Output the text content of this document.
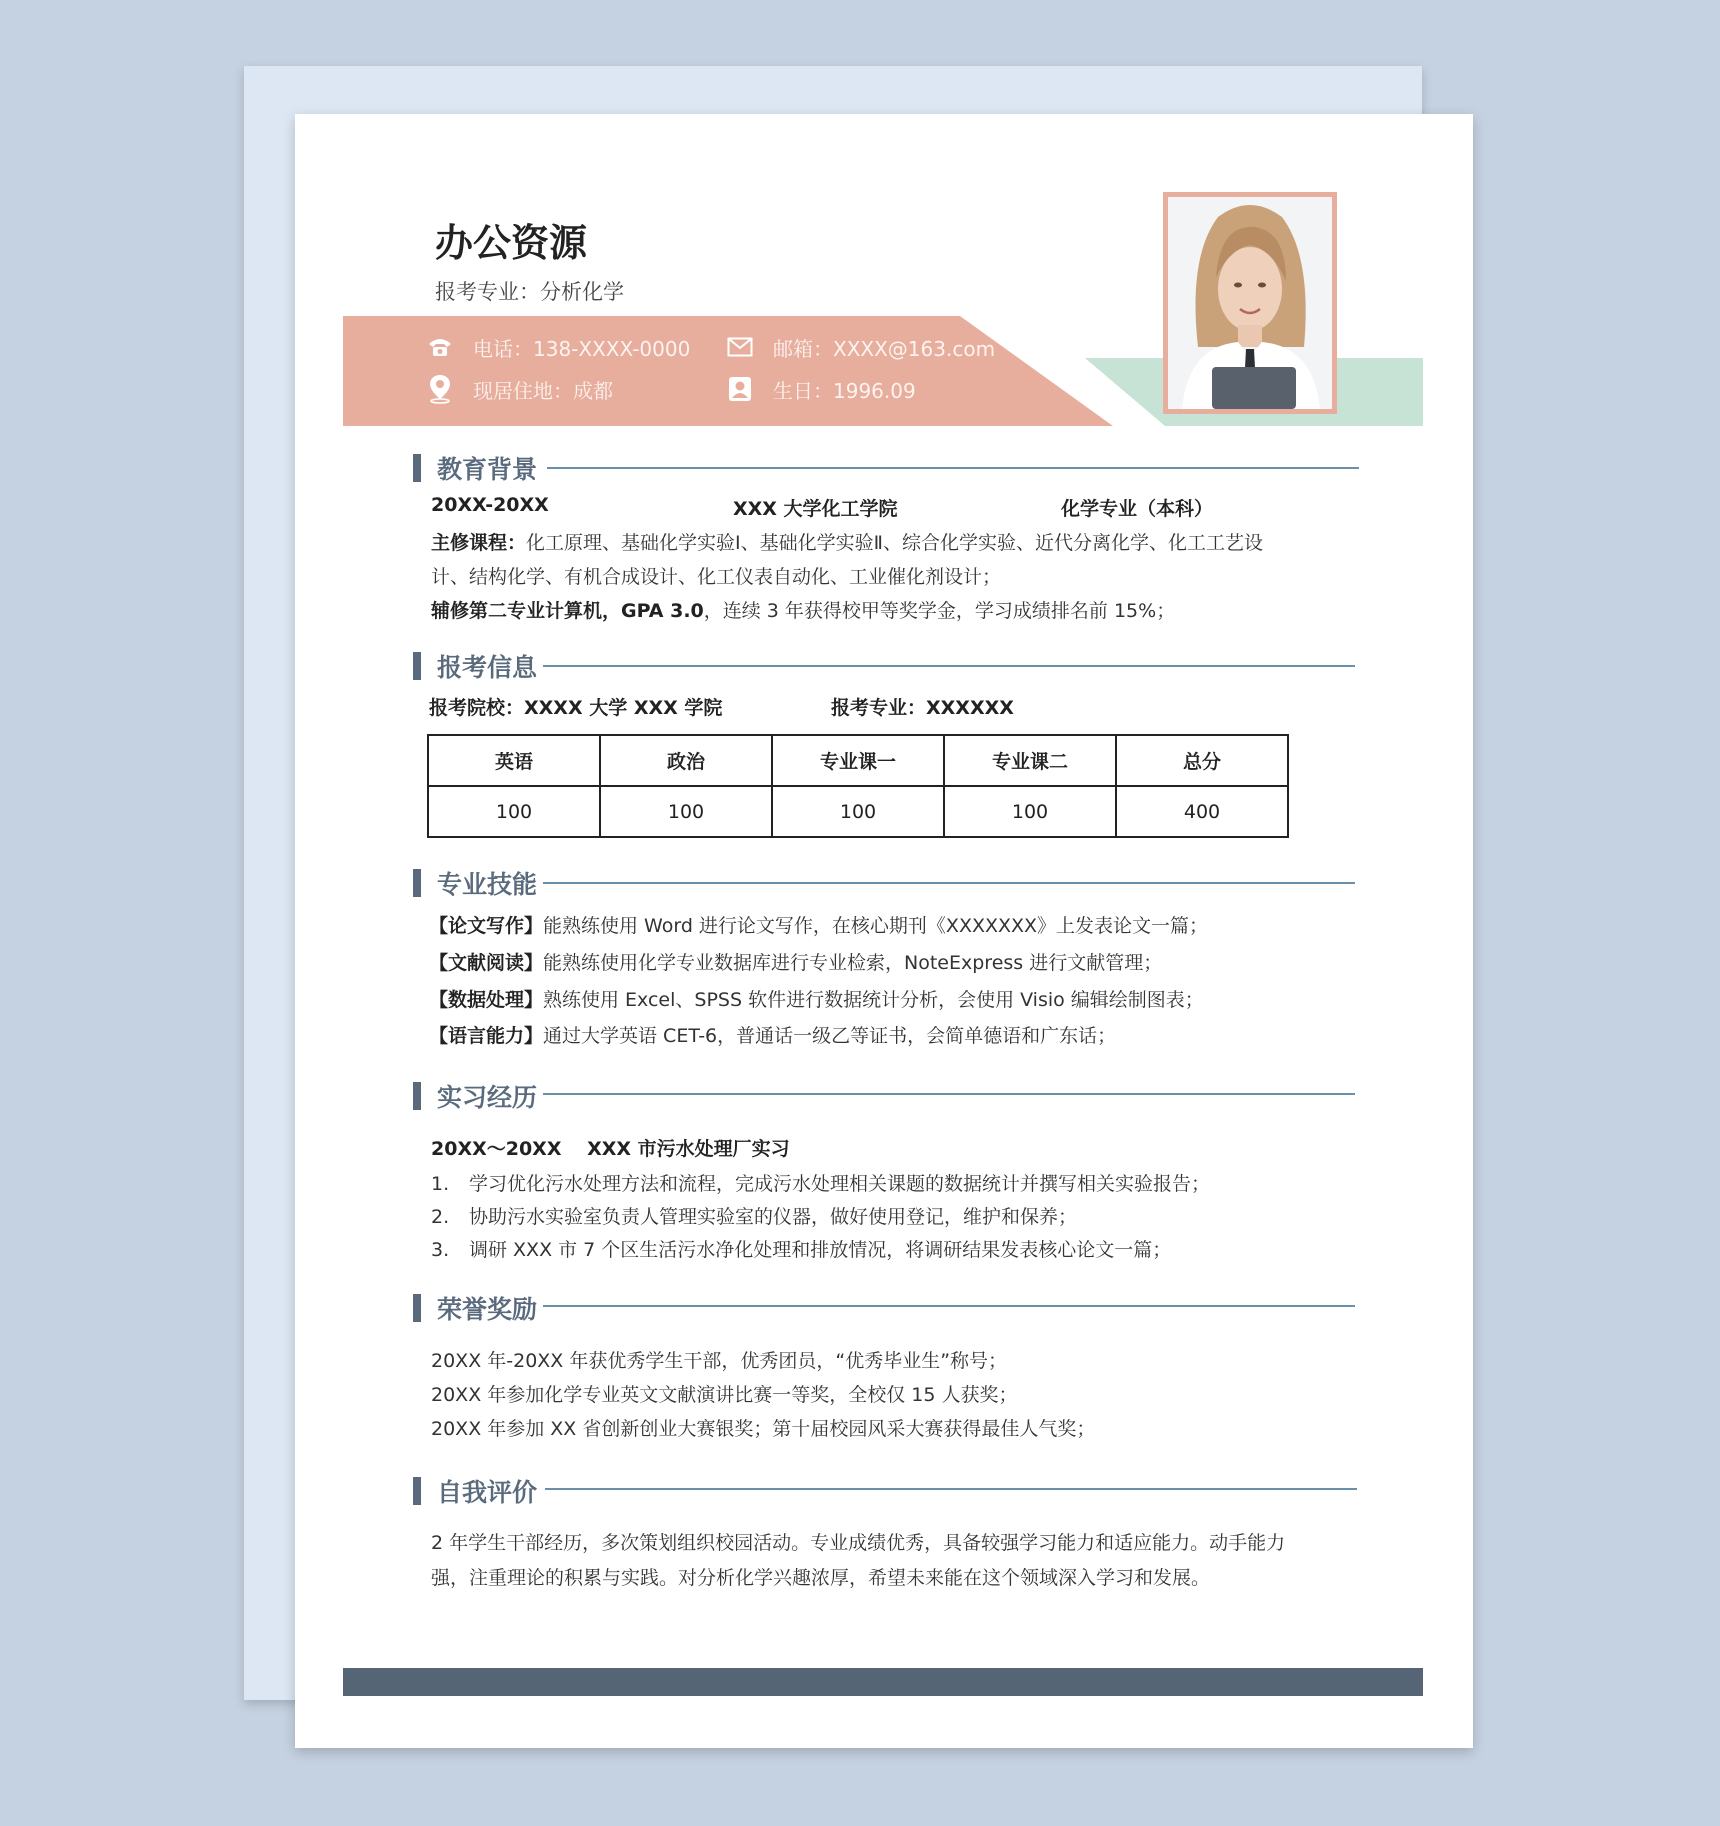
办公资源
报考专业：分析化学
电话：138-XXXX-0000	邮箱：XXXX@163.com
现居住地：成都	生日：1996.09
教育背景
20XX-20XX	XXX 大学化工学院	化学专业（本科）
主修课程：化工原理、基础化学实验Ⅰ、基础化学实验Ⅱ、综合化学实验、近代分离化学、化工工艺设
计、结构化学、有机合成设计、化工仪表自动化、工业催化剂设计；
辅修第二专业计算机，GPA 3.0，连续 3 年获得校甲等奖学金，学习成绩排名前 15%；
报考信息
报考院校：XXXX 大学 XXX 学院	报考专业：XXXXXX
英语	政治	专业课一	专业课二	总分
100	100	100	100	400
专业技能
【论文写作】能熟练使用 Word 进行论文写作，在核心期刊《XXXXXXX》上发表论文一篇；
【文献阅读】能熟练使用化学专业数据库进行专业检索，NoteExpress 进行文献管理；
【数据处理】熟练使用 Excel、SPSS 软件进行数据统计分析，会使用 Visio 编辑绘制图表；
【语言能力】通过大学英语 CET-6，普通话一级乙等证书，会简单德语和广东话；
实习经历
20XX～20XX　 XXX 市污水处理厂实习
1. 学习优化污水处理方法和流程，完成污水处理相关课题的数据统计并撰写相关实验报告；
2. 协助污水实验室负责人管理实验室的仪器，做好使用登记，维护和保养；
3. 调研 XXX 市 7 个区生活污水净化处理和排放情况，将调研结果发表核心论文一篇；
荣誉奖励
20XX 年-20XX 年获优秀学生干部，优秀团员，“优秀毕业生”称号；
20XX 年参加化学专业英文文献演讲比赛一等奖，全校仅 15 人获奖；
20XX 年参加 XX 省创新创业大赛银奖；第十届校园风采大赛获得最佳人气奖；
自我评价
2 年学生干部经历，多次策划组织校园活动。专业成绩优秀，具备较强学习能力和适应能力。动手能力
强，注重理论的积累与实践。对分析化学兴趣浓厚，希望未来能在这个领域深入学习和发展。
